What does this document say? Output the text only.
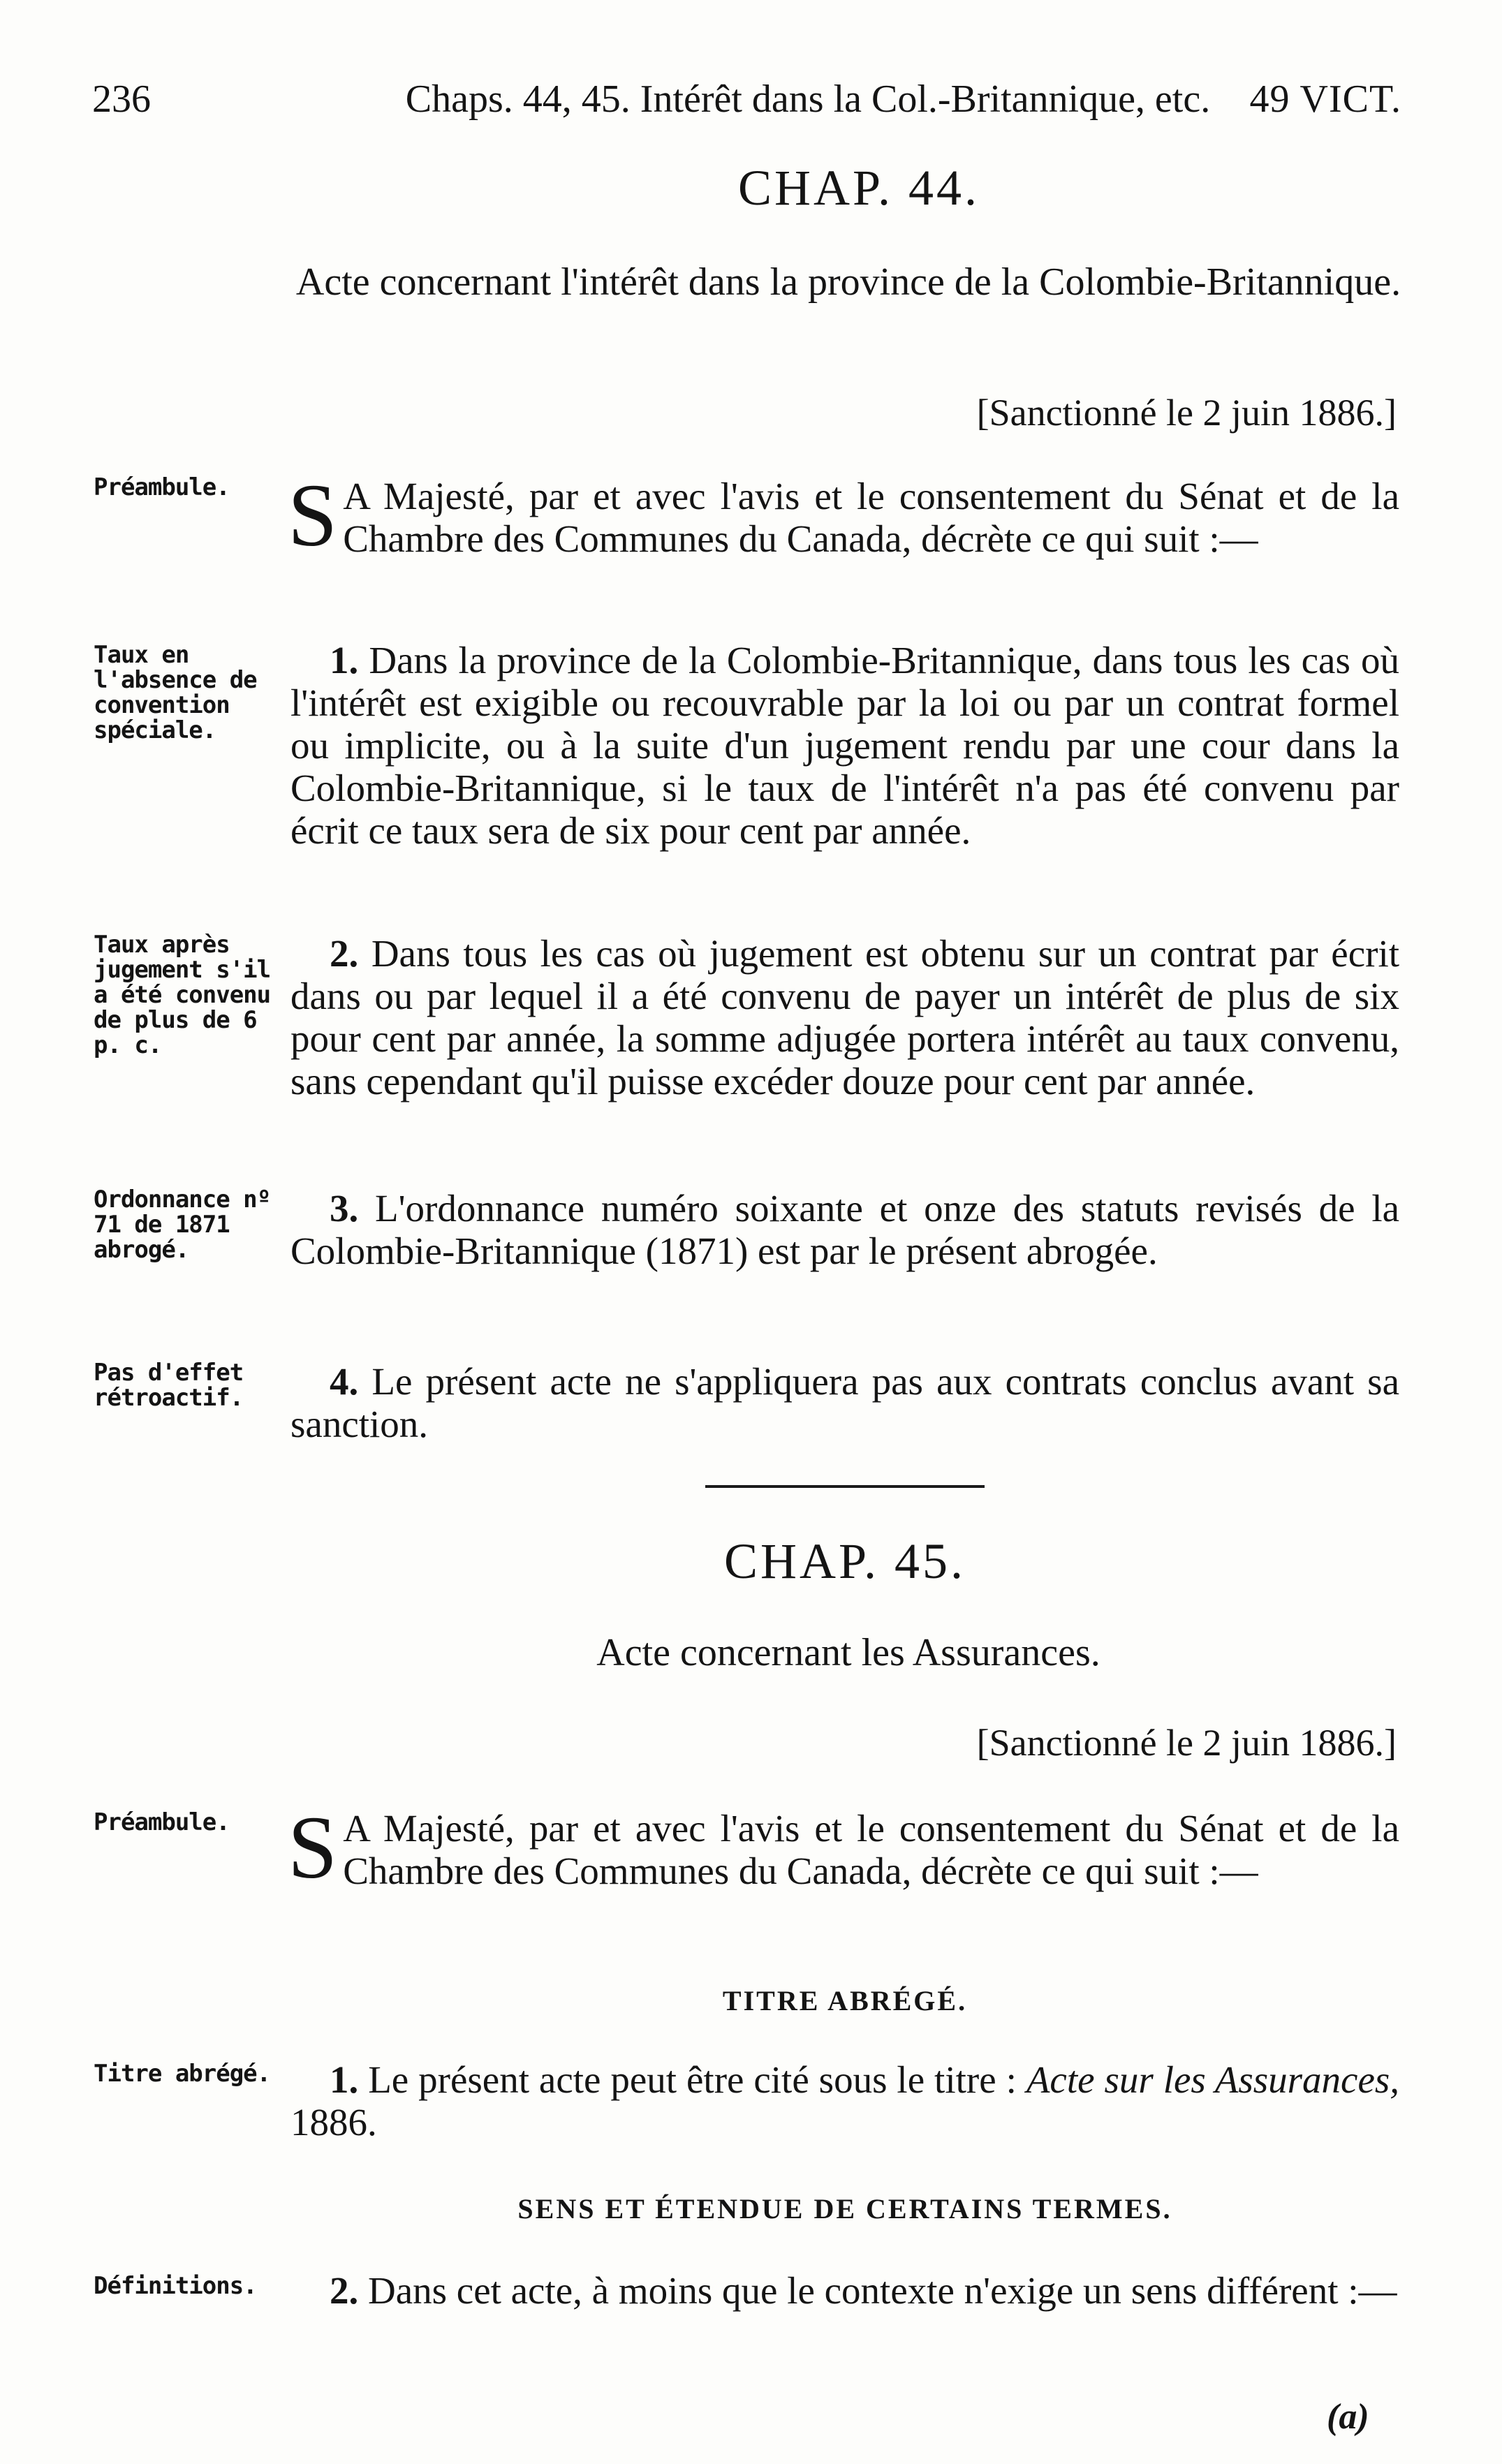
236	Chaps. 44, 45. Intérêt dans la Col.-Britannique, etc.	49 VICT.
CHAP. 44.
Acte concernant l'intérêt dans la province de la Colombie-Britannique.
[Sanctionné le 2 juin 1886.]
Préambule. S A Majesté, par et avec l'avis et le consentement du Sénat et de la Chambre des Communes du Canada, décrète ce qui suit :—

Taux en l'absence de convention spéciale.

1. Dans la province de la Colombie-Britannique, dans tous les cas où l'intérêt est exigible ou recouvrable par la loi ou par un contrat formel ou implicite, ou à la suite d'un jugement rendu par une cour dans la Colombie-Britannique, si le taux de l'intérêt n'a pas été convenu par écrit ce taux sera de six pour cent par année.

Taux après jugement s'il a été convenu de plus de 6 p. c.

2. Dans tous les cas où jugement est obtenu sur un contrat par écrit dans ou par lequel il a été convenu de payer un intérêt de plus de six pour cent par année, la somme adjugée portera intérêt au taux convenu, sans cependant qu'il puisse excéder douze pour cent par année.

Ordonnance nº 71 de 1871 abrogé.

3. L'ordonnance numéro soixante et onze des statuts revisés de la Colombie-Britannique (1871) est par le présent abrogée.

Pas d'effet rétroactif.	4. Le présent acte ne s'appliquera pas aux contrats conclus avant sa sanction.

CHAP. 45.
Acte concernant les Assurances.
[Sanctionné le 2 juin 1886.]
Préambule. S A Majesté, par et avec l'avis et le consentement du Sénat et de la Chambre des Communes du Canada, décrète ce qui suit :—

TITRE ABRÉGÉ.
Titre abrégé.	1. Le présent acte peut être cité sous le titre : Acte sur les Assurances, 1886.

SENS ET ÉTENDUE DE CERTAINS TERMES.
Définitions.	2. Dans cet acte, à moins que le contexte n'exige un sens différent :—

(a)
